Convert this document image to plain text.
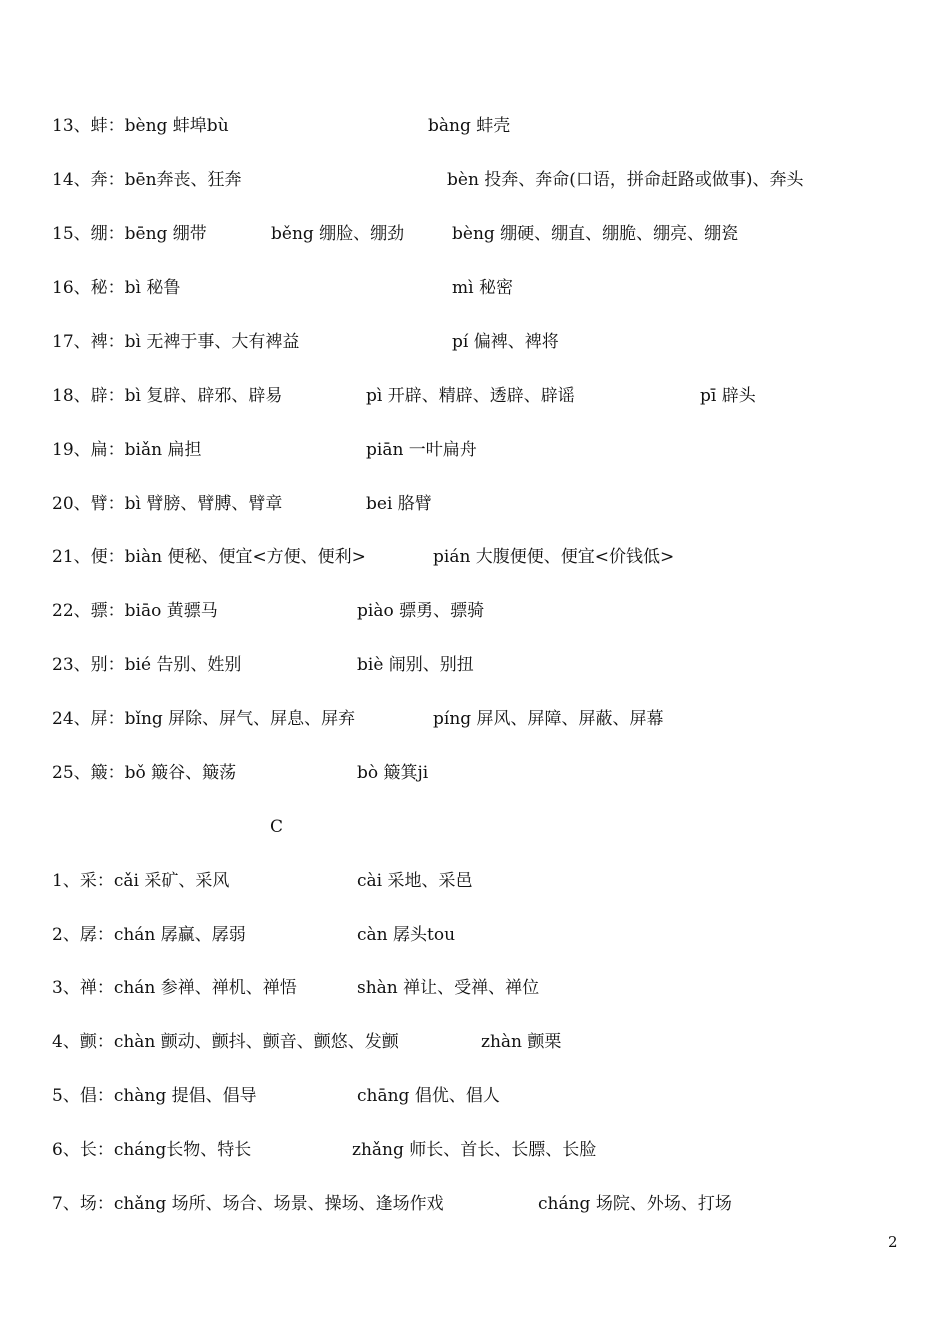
13、蚌：bèng 蚌埠bù	bàng 蚌壳
14、奔：bēn奔丧、狂奔	bèn 投奔、奔命(口语，拼命赶路或做事)、奔头
15、绷：bēng 绷带	běng 绷脸、绷劲	bèng 绷硬、绷直、绷脆、绷亮、绷瓷
16、秘：bì 秘鲁	mì 秘密
17、裨：bì 无裨于事、大有裨益	pí 偏裨、裨将
18、辟：bì 复辟、辟邪、辟易	pì 开辟、精辟、透辟、辟谣	pī 辟头
19、扁：biǎn 扁担	piān 一叶扁舟
20、臂：bì 臂膀、臂膊、臂章	bei 胳臂
21、便：biàn 便秘、便宜<方便、便利>	pián 大腹便便、便宜<价钱低>
22、骠：biāo 黄骠马	piào 骠勇、骠骑
23、别：bié 告别、姓别	biè 闹别、别扭
24、屏：bǐng 屏除、屏气、屏息、屏弃	píng 屏风、屏障、屏蔽、屏幕
25、簸：bǒ 簸谷、簸荡	bò 簸箕ji
C
1、采：cǎi 采矿、采风	cài 采地、采邑
2、孱：chán 孱赢、孱弱	càn 孱头tou
3、禅：chán 参禅、禅机、禅悟	shàn 禅让、受禅、禅位
4、颤：chàn 颤动、颤抖、颤音、颤悠、发颤	zhàn 颤栗
5、倡：chàng 提倡、倡导	chāng 倡优、倡人
6、长：cháng长物、特长	zhǎng 师长、首长、长膘、长脸
7、场：chǎng 场所、场合、场景、操场、逢场作戏	cháng 场院、外场、打场
2
